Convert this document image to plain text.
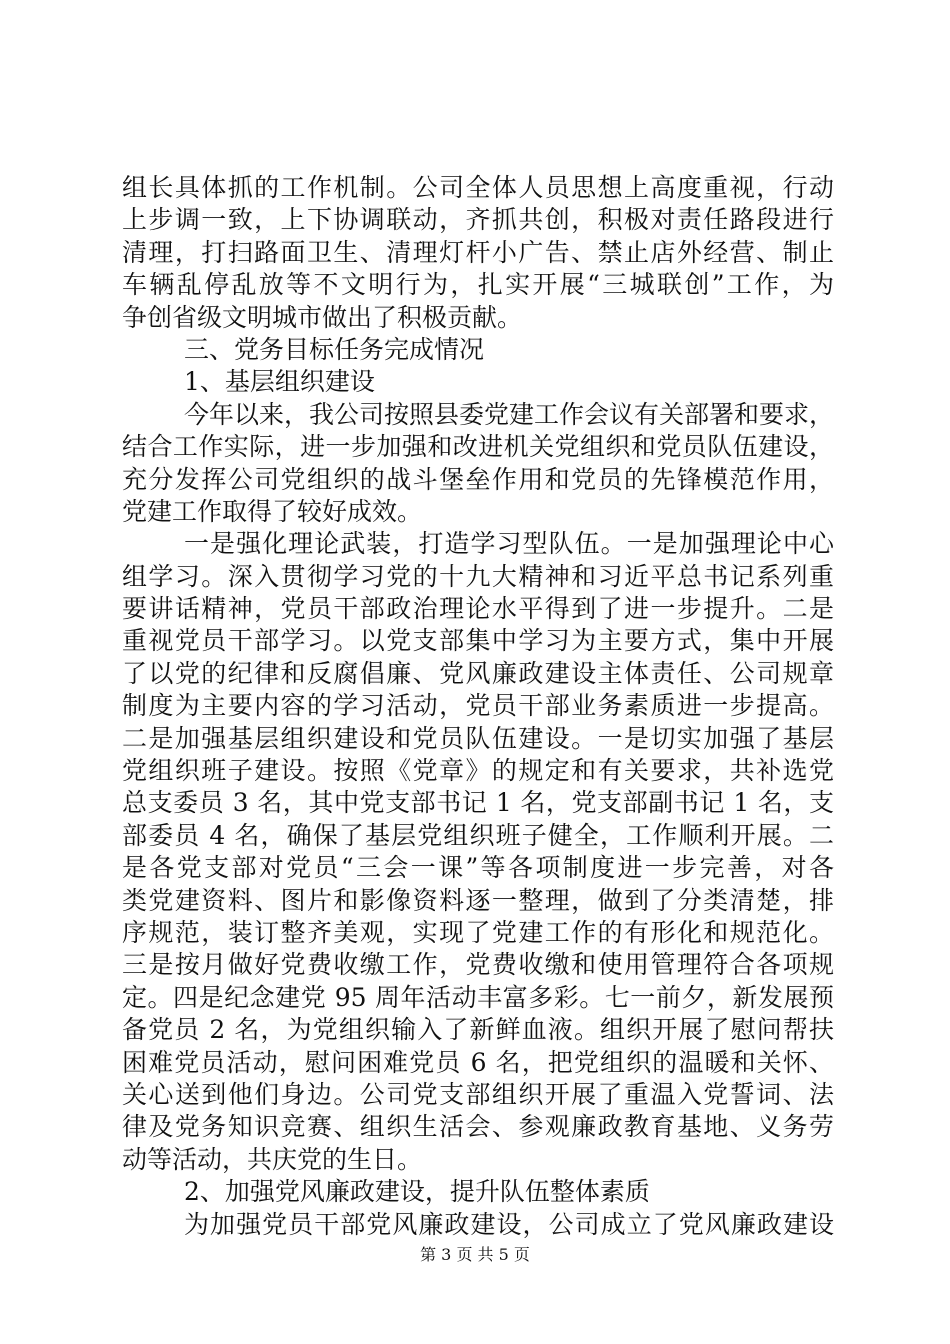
组长具体抓的工作机制。公司全体人员思想上高度重视，行动
上步调一致，上下协调联动，齐抓共创，积极对责任路段进行
清理，打扫路面卫生、清理灯杆小广告、禁止店外经营、制止
车辆乱停乱放等不文明行为，扎实开展“三城联创”工作，为
争创省级文明城市做出了积极贡献。
三、党务目标任务完成情况
1、基层组织建设
今年以来，我公司按照县委党建工作会议有关部署和要求，
结合工作实际，进一步加强和改进机关党组织和党员队伍建设，
充分发挥公司党组织的战斗堡垒作用和党员的先锋模范作用，
党建工作取得了较好成效。
一是强化理论武装，打造学习型队伍。一是加强理论中心
组学习。深入贯彻学习党的十九大精神和习近平总书记系列重
要讲话精神，党员干部政治理论水平得到了进一步提升。二是
重视党员干部学习。以党支部集中学习为主要方式，集中开展
了以党的纪律和反腐倡廉、党风廉政建设主体责任、公司规章
制度为主要内容的学习活动，党员干部业务素质进一步提高。
二是加强基层组织建设和党员队伍建设。一是切实加强了基层
党组织班子建设。按照《党章》的规定和有关要求，共补选党
总支委员 3 名，其中党支部书记 1 名，党支部副书记 1 名，支
部委员 4 名，确保了基层党组织班子健全，工作顺利开展。二
是各党支部对党员“三会一课”等各项制度进一步完善，对各
类党建资料、图片和影像资料逐一整理，做到了分类清楚，排
序规范，装订整齐美观，实现了党建工作的有形化和规范化。
三是按月做好党费收缴工作，党费收缴和使用管理符合各项规
定。四是纪念建党 95 周年活动丰富多彩。七一前夕，新发展预
备党员 2 名，为党组织输入了新鲜血液。组织开展了慰问帮扶
困难党员活动，慰问困难党员 6 名，把党组织的温暖和关怀、
关心送到他们身边。公司党支部组织开展了重温入党誓词、法
律及党务知识竞赛、组织生活会、参观廉政教育基地、义务劳
动等活动，共庆党的生日。
2、加强党风廉政建设，提升队伍整体素质
为加强党员干部党风廉政建设，公司成立了党风廉政建设
第 3 页 共 5 页
